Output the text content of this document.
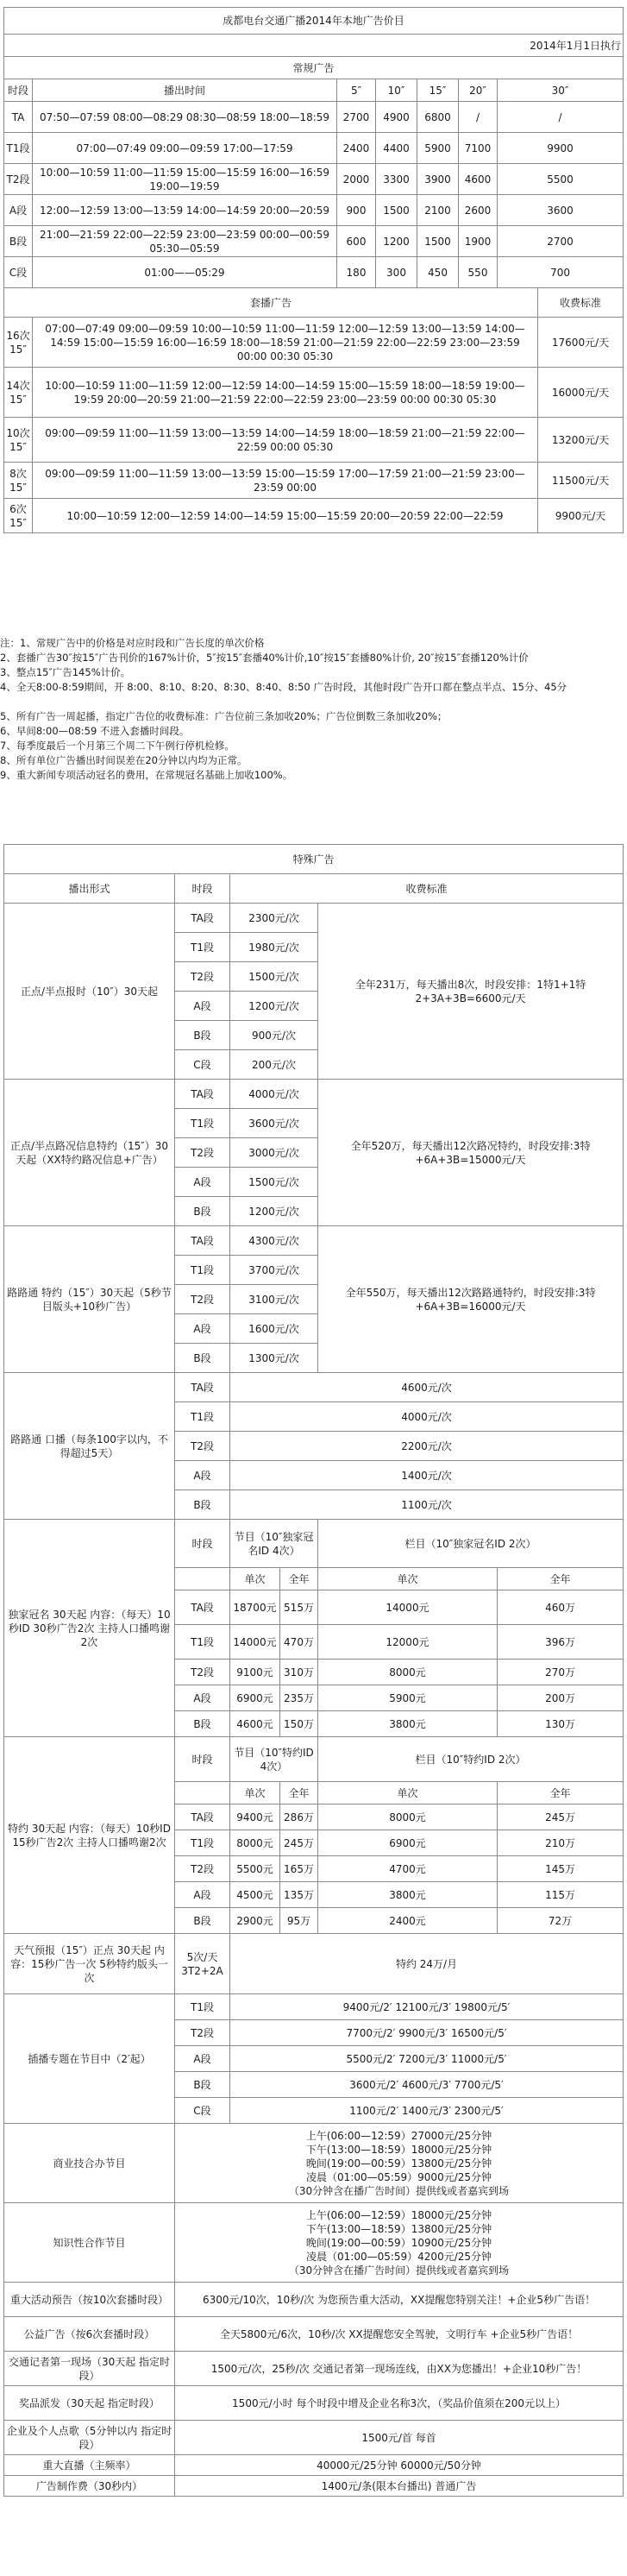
成都电台交通广播2014年本地广告价目							
2014年1月1日执行							
常规广告							
时段	播出时间	5″	10″	15″	20″	30″	
TA	07:50—07:59 08:00—08:29 08:30—08:59 18:00—18:59	2700	4900	6800	/	/	
T1段	07:00—07:49 09:00—09:59 17:00—17:59	2400	4400	5900	7100	9900	
T2段	10:00—10:59 11:00—11:59 15:00—15:59 16:00—16:59 19:00—19:59	2000	3300	3900	4600	5500	
A段	12:00—12:59 13:00—13:59 14:00—14:59 20:00—20:59	900	1500	2100	2600	3600	
B段	21:00—21:59 22:00—22:59 23:00—23:59 00:00—00:59 05:30—05:59	600	1200	1500	1900	2700	
C段	01:00——05:29	180	300	450	550	700	
套播广告							收费标准
16次15″	07:00—07:49 09:00—09:59 10:00—10:59 11:00—11:59 12:00—12:59 13:00—13:59 14:00—14:59 15:00—15:59 16:00—16:59 18:00—18:59 21:00—21:59 22:00—22:59 23:00—23:59 00:00 00:30 05:30						17600元/天
14次15″	10:00—10:59 11:00—11:59 12:00—12:59 14:00—14:59 15:00—15:59 18:00—18:59 19:00—19:59 20:00—20:59 21:00—21:59 22:00—22:59 23:00—23:59 00:00 00:30 05:30						16000元/天
10次15″	09:00—09:59 11:00—11:59 13:00—13:59 14:00—14:59 18:00—18:59 21:00—21:59 22:00—22:59 00:00 05:30						13200元/天
8次15″	09:00—09:59 11:00—11:59 13:00—13:59 15:00—15:59 17:00—17:59 21:00—21:59 23:00—23:59 00:00						11500元/天
6次15″	10:00—10:59 12:00—12:59 14:00—14:59 15:00—15:59 20:00—20:59 22:00—22:59						9900元/天
注：1、常规广告中的价格是对应时段和广告长度的单次价格
2、套播广告30″按15″广告刊价的167%计价，5″按15″套播40%计价,10″按15″套播80%计价, 20″按15″套播120%计价
3、整点15″广告145%计价。
4、全天8:00-8:59期间，开 8:00、8:10、8:20、8:30、8:40、8:50 广告时段，其他时段广告开口都在整点半点、15分、45分
5、所有广告一周起播，指定广告位的收费标准：广告位前三条加收20%；广告位倒数三条加收20%；
6、早间8:00—08:59 不进入套播时间段。
7、每季度最后一个月第三个周二下午例行停机检修。
8、所有单位广告播出时间误差在20分钟以内均为正常。
9、重大新闻专项活动冠名的费用，在常规冠名基础上加收100%。
特殊广告					
播出形式	时段	收费标准			
正点/半点报时（10″）30天起	TA段	2300元/次		全年231万，每天播出8次，时段安排：1特1+1特2+3A+3B=6600元/天	
	T1段	1980元/次			
	T2段	1500元/次			
	A段	1200元/次			
	B段	900元/次			
	C段	200元/次			
正点/半点路况信息特约（15″）30天起（XX特约路况信息+广告）	TA段	4000元/次		全年520万，每天播出12次路况特约，时段安排:3特+6A+3B=15000元/天	
	T1段	3600元/次			
	T2段	3000元/次			
	A段	1500元/次			
	B段	1200元/次			
路路通 特约（15″）30天起（5秒节目版头+10秒广告）	TA段	4300元/次		全年550万，每天播出12次路路通特约，时段安排:3特+6A+3B=16000元/天	
	T1段	3700元/次			
	T2段	3100元/次			
	A段	1600元/次			
	B段	1300元/次			
路路通 口播（每条100字以内，不得超过5天）	TA段	4600元/次			
	T1段	4000元/次			
	T2段	2200元/次			
	A段	1400元/次			
	B段	1100元/次			
独家冠名 30天起 内容：（每天）10秒ID 30秒广告2次 主持人口播鸣谢2次	时段	节目（10″独家冠名ID 4次）		栏目（10″独家冠名ID 2次）	
		单次	全年	单次	全年
	TA段	18700元	515万	14000元	460万
	T1段	14000元	470万	12000元	396万
	T2段	9100元	310万	8000元	270万
	A段	6900元	235万	5900元	200万
	B段	4600元	150万	3800元	130万
特约 30天起 内容：（每天）10秒ID 15秒广告2次 主持人口播鸣谢2次	时段	节目（10″特约ID 4次）		栏目（10″特约ID 2次）	
		单次	全年	单次	全年
	TA段	9400元	286万	8000元	245万
	T1段	8000元	245万	6900元	210万
	T2段	5500元	165万	4700元	145万
	A段	4500元	135万	3800元	115万
	B段	2900元	95万	2400元	72万
天气预报（15″）正点 30天起 内容：15秒广告一次 5秒特约版头一次	5次/天 3T2+2A	特约 24万/月			
插播专题在节目中（2′起）	T1段	9400元/2′ 12100元/3′ 19800元/5′			
	T2段	7700元/2′ 9900元/3′ 16500元/5′			
	A段	5500元/2′ 7200元/3′ 11000元/5′			
	B段	3600元/2′ 4600元/3′ 7700元/5′			
	C段	1100元/2′ 1400元/3′ 2300元/5′			
商业技合办节目	上午(06:00—12:59）27000元/25分钟
下午(13:00—18:59）18000元/25分钟
晚间(19:00—00:59）13800元/25分钟
凌晨（01:00—05:59）9000元/25分钟
（30分钟含在播广告时间）提供线或者嘉宾到场				

知识性合作节目	上午(06:00—12:59）18000元/25分钟
下午(13:00—18:59）13800元/25分钟
晚间(19:00—00:59）10900元/25分钟
凌晨（01:00—05:59）4200元/25分钟
（30分钟含在播广告时间）提供线或者嘉宾到场				

重大活动预告（按10次套播时段）	6300元/10次，10秒/次 为您预告重大活动，XX提醒您特别关注！+企业5秒广告语！				
公益广告（按6次套播时段）	全天5800元/6次，10秒/次 XX提醒您安全驾驶，文明行车 +企业5秒广告语！				
交通记者第一现场（30天起 指定时段）	1500元/次，25秒/次 交通记者第一现场连线，由XX为您播出！+企业10秒广告！				
奖品派发（30天起 指定时段）	1500元/小时 每个时段中增及企业名称3次，（奖品价值须在200元以上）				
企业及个人点歌（5分钟以内 指定时段）	1500元/首 每首				
重大直播（主频率）	40000元/25分钟 60000元/50分钟				
广告制作费（30秒内）	1400元/条(限本台播出) 普通广告				
